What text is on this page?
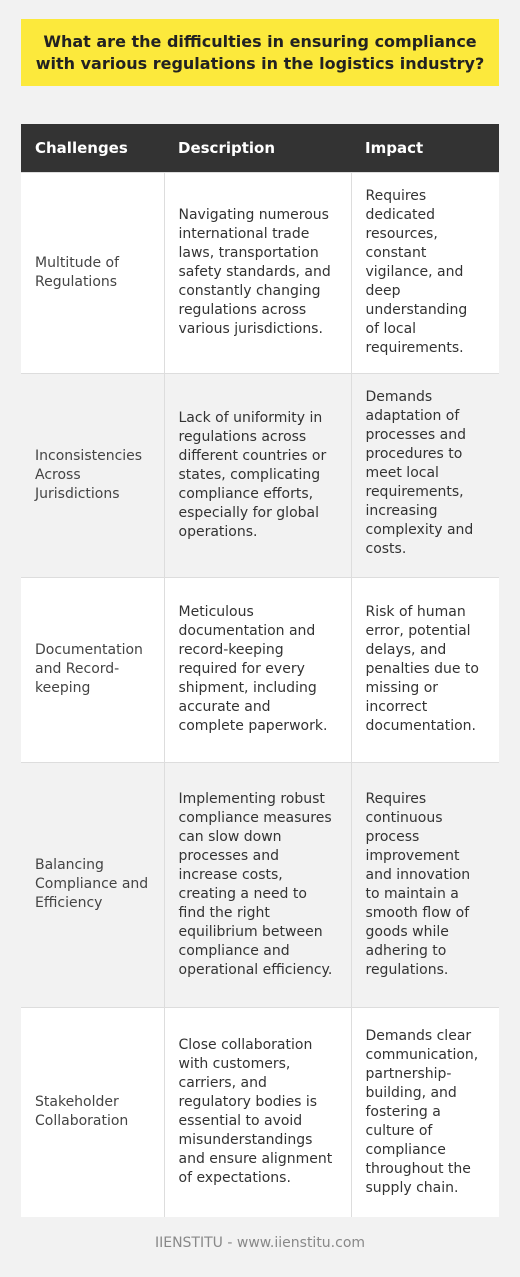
What are the difficulties in ensuring compliance with various regulations in the logistics industry?
Challenges	Description	Impact
Multitude of Regulations	Navigating numerous international trade laws, transportation safety standards, and constantly changing regulations across various jurisdictions.	Requires dedicated resources, constant vigilance, and deep understanding of local requirements.
Inconsistencies Across Jurisdictions	Lack of uniformity in regulations across different countries or states, complicating compliance efforts, especially for global operations.	Demands adaptation of processes and procedures to meet local requirements, increasing complexity and costs.
Documentation and Record-keeping	Meticulous documentation and record-keeping required for every shipment, including accurate and complete paperwork.	Risk of human error, potential delays, and penalties due to missing or incorrect documentation.
Balancing Compliance and Efficiency	Implementing robust compliance measures can slow down processes and increase costs, creating a need to find the right equilibrium between compliance and operational efficiency.	Requires continuous process improvement and innovation to maintain a smooth flow of goods while adhering to regulations.
Stakeholder Collaboration	Close collaboration with customers, carriers, and regulatory bodies is essential to avoid misunderstandings and ensure alignment of expectations.	Demands clear communication, partnership-building, and fostering a culture of compliance throughout the supply chain.
IIENSTITU - www.iienstitu.com
